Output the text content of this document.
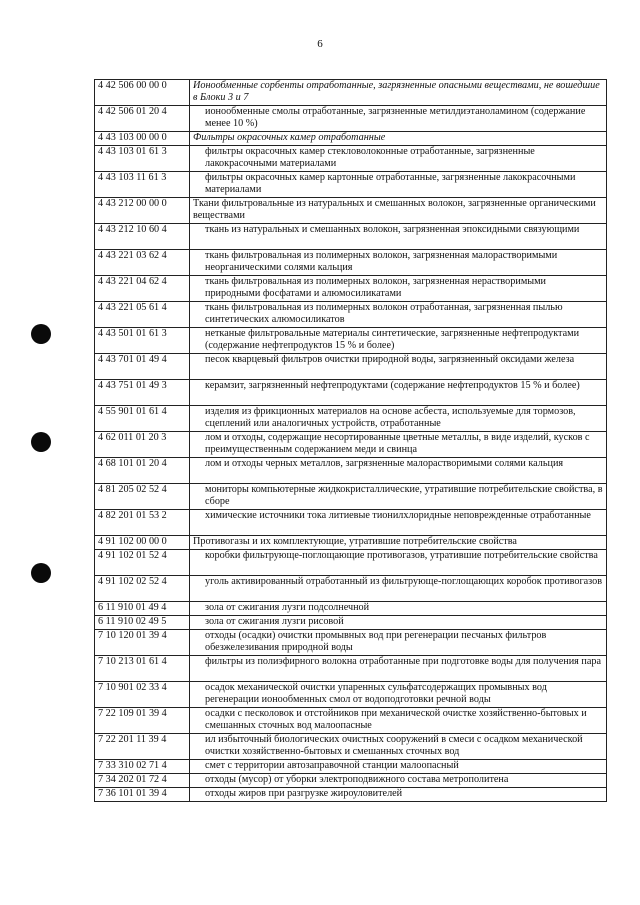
6
4 42 506 00 00 0	Ионообменные сорбенты отработанные, загрязненные опасными веществами, не вошедшие в Блоки 3 и 7
4 42 506 01 20 4	ионообменные смолы отработанные, загрязненные метилдиэтаноламином (содержание менее 10 %)
4 43 103 00 00 0	Фильтры окрасочных камер отработанные
4 43 103 01 61 3	фильтры окрасочных камер стекловолоконные отработанные, загрязненные лакокрасочными материалами
4 43 103 11 61 3	фильтры окрасочных камер картонные отработанные, загрязненные лакокрасочными материалами
4 43 212 00 00 0	Ткани фильтровальные из натуральных и смешанных волокон, загрязненные органическими веществами
4 43 212 10 60 4	ткань из натуральных и смешанных волокон, загрязненная эпоксидными связующими
4 43 221 03 62 4	ткань фильтровальная из полимерных волокон, загрязненная малорастворимыми неорганическими солями кальция
4 43 221 04 62 4	ткань фильтровальная из полимерных волокон, загрязненная нерастворимыми природными фосфатами и алюмосиликатами
4 43 221 05 61 4	ткань фильтровальная из полимерных волокон отработанная, загрязненная пылью синтетических алюмосиликатов
4 43 501 01 61 3	нетканые фильтровальные материалы синтетические, загрязненные нефтепродуктами (содержание нефтепродуктов 15 % и более)
4 43 701 01 49 4	песок кварцевый фильтров очистки природной воды, загрязненный оксидами железа
4 43 751 01 49 3	керамзит, загрязненный нефтепродуктами (содержание нефтепродуктов 15 % и более)
4 55 901 01 61 4	изделия из фрикционных материалов на основе асбеста, используемые для тормозов, сцеплений или аналогичных устройств, отработанные
4 62 011 01 20 3	лом и отходы, содержащие несортированные цветные металлы, в виде изделий, кусков с преимущественным содержанием меди и свинца
4 68 101 01 20 4	лом и отходы черных металлов, загрязненные малорастворимыми солями кальция
4 81 205 02 52 4	мониторы компьютерные жидкокристаллические, утратившие потребительские свойства, в сборе
4 82 201 01 53 2	химические источники тока литиевые тионилхлоридные неповрежденные отработанные
4 91 102 00 00 0	Противогазы и их комплектующие, утратившие потребительские свойства
4 91 102 01 52 4	коробки фильтрующе-поглощающие противогазов, утратившие потребительские свойства
4 91 102 02 52 4	уголь активированный отработанный из фильтрующе-поглощающих коробок противогазов
6 11 910 01 49 4	зола от сжигания лузги подсолнечной
6 11 910 02 49 5	зола от сжигания лузги рисовой
7 10 120 01 39 4	отходы (осадки) очистки промывных вод при регенерации песчаных фильтров обезжелезивания природной воды
7 10 213 01 61 4	фильтры из полиэфирного волокна отработанные при подготовке воды для получения пара
7 10 901 02 33 4	осадок механической очистки упаренных сульфатсодержащих промывных вод регенерации ионообменных смол от водоподготовки речной воды
7 22 109 01 39 4	осадки с песколовок и отстойников при механической очистке хозяйственно-бытовых и смешанных сточных вод малоопасные
7 22 201 11 39 4	ил избыточный биологических очистных сооружений в смеси с осадком механической очистки хозяйственно-бытовых и смешанных сточных вод
7 33 310 02 71 4	смет с территории автозаправочной станции малоопасный
7 34 202 01 72 4	отходы (мусор) от уборки электроподвижного состава метрополитена
7 36 101 01 39 4	отходы жиров при разгрузке жироуловителей
